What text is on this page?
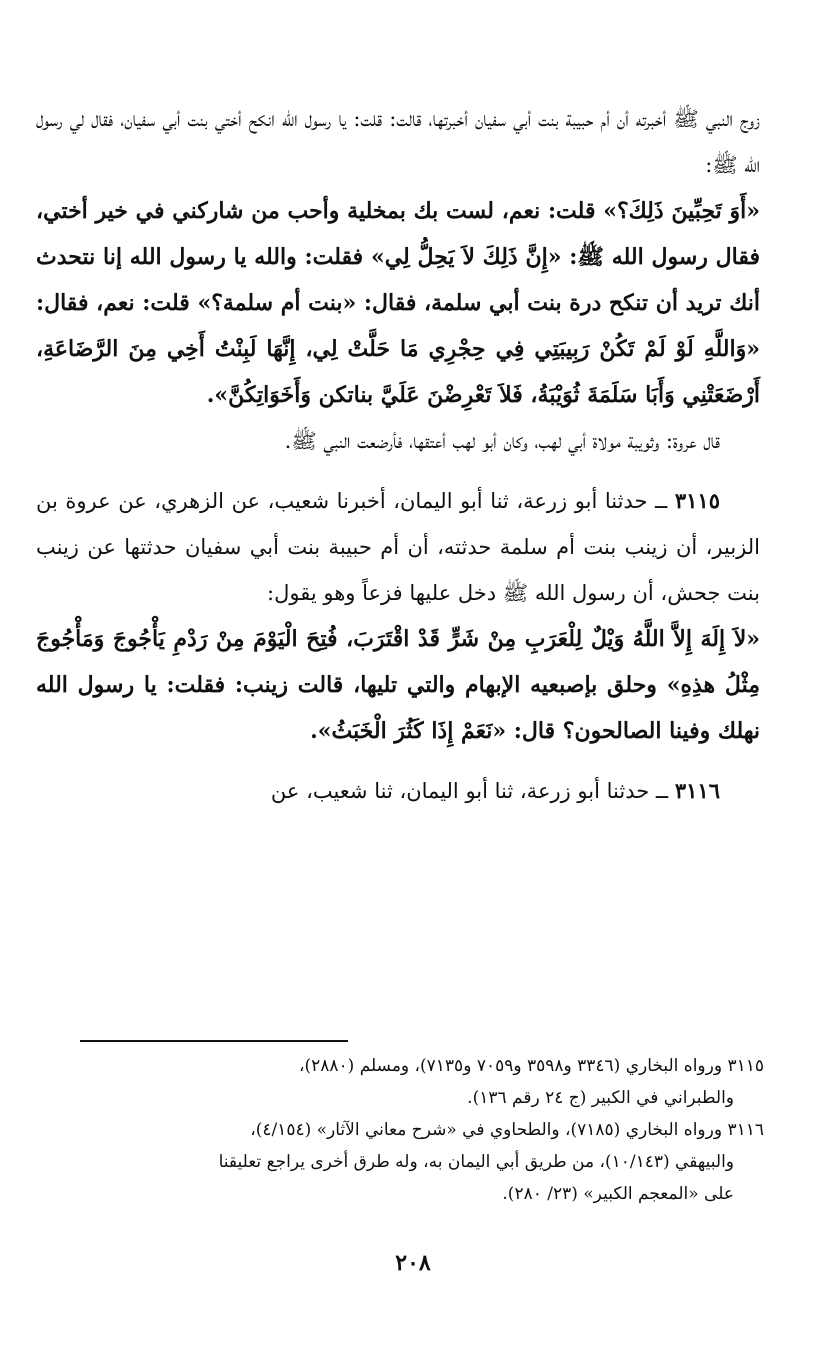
زوج النبي ﷺ أخبرته أن أم حبيبة بنت أبي سفيان أخبرتها، قالت: قلت: يا رسول الله انكح أختي بنت أبي سفيان، فقال لي رسول الله ﷺ:

«أَوَ تَحِبِّينَ ذَلِكَ؟» قلت: نعم، لست بك بمخلية وأحب من شاركني في خير أختي، فقال رسول الله ﷺ: «إِنَّ ذَلِكَ لاَ يَحِلُّ لِي» فقلت: والله يا رسول الله إنا نتحدث أنك تريد أن تنكح درة بنت أبي سلمة، فقال: «بنت أم سلمة؟» قلت: نعم، فقال: «وَاللَّهِ لَوْ لَمْ تَكُنْ رَبِيبَتِي فِي حِجْرِي مَا حَلَّتْ لِي، إِنَّهَا لَبِنْتُ أَخِي مِنَ الرَّضَاعَةِ، أَرْضَعَتْنِي وَأَبَا سَلَمَةَ ثُوَيْبَةُ، فَلاَ تَعْرِضْنَ عَلَيَّ بناتكن وَأَخَوَاتِكُنَّ».

قال عروة: وثويبة مولاة أبي لهب، وكان أبو لهب أعتقها، فأرضعت النبي ﷺ.

٣١١٥ ــ حدثنا أبو زرعة، ثنا أبو اليمان، أخبرنا شعيب، عن الزهري، عن عروة بن الزبير، أن زينب بنت أم سلمة حدثته، أن أم حبيبة بنت أبي سفيان حدثتها عن زينب بنت جحش، أن رسول الله ﷺ دخل عليها فزعاً وهو يقول:

«لاَ إِلَهَ إِلاَّ اللَّهُ وَيْلٌ لِلْعَرَبِ مِنْ شَرٍّ قَدْ اقْتَرَبَ، فُتِحَ الْيَوْمَ مِنْ رَدْمِ يَأْجُوجَ وَمَأْجُوجَ مِثْلُ هذِهِ» وحلق بإصبعيه الإبهام والتي تليها، قالت زينب: فقلت: يا رسول الله نهلك وفينا الصالحون؟ قال: «نَعَمْ إِذَا كَثُرَ الْخَبَثُ».

٣١١٦ ــ حدثنا أبو زرعة، ثنا أبو اليمان، ثنا شعيب، عن

٣١١٥ ورواه البخاري (٣٣٤٦ و٣٥٩٨ و٧٠٥٩ و٧١٣٥)، ومسلم (٢٨٨٠)،

والطبراني في الكبير (ج ٢٤ رقم ١٣٦).

٣١١٦ ورواه البخاري (٧١٨٥)، والطحاوي في «شرح معاني الآثار» (٤/١٥٤)،

والبيهقي (١٠/١٤٣)، من طريق أبي اليمان به، وله طرق أخرى يراجع تعليقنا

على «المعجم الكبير» (٢٣/ ٢٨٠).

٢٠٨
